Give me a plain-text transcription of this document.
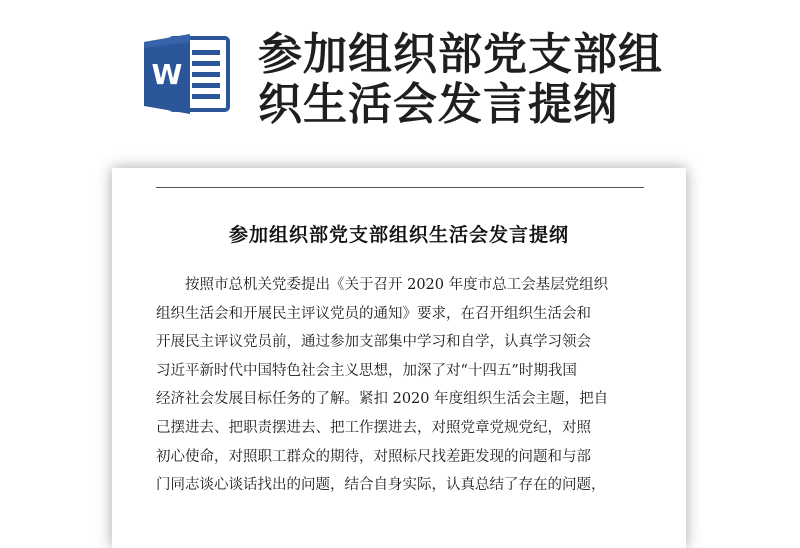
W 参加组织部党支部组
织生活会发言提纲
参加组织部党支部组织生活会发言提纲
按照市总机关党委提出《关于召开 2020 年度市总工会基层党组织
组织生活会和开展民主评议党员的通知》要求，在召开组织生活会和
开展民主评议党员前，通过参加支部集中学习和自学，认真学习领会
习近平新时代中国特色社会主义思想，加深了对“十四五”时期我国
经济社会发展目标任务的了解。紧扣 2020 年度组织生活会主题，把自
己摆进去、把职责摆进去、把工作摆进去，对照党章党规党纪，对照
初心使命，对照职工群众的期待，对照标尺找差距发现的问题和与部
门同志谈心谈话找出的问题，结合自身实际，认真总结了存在的问题，
